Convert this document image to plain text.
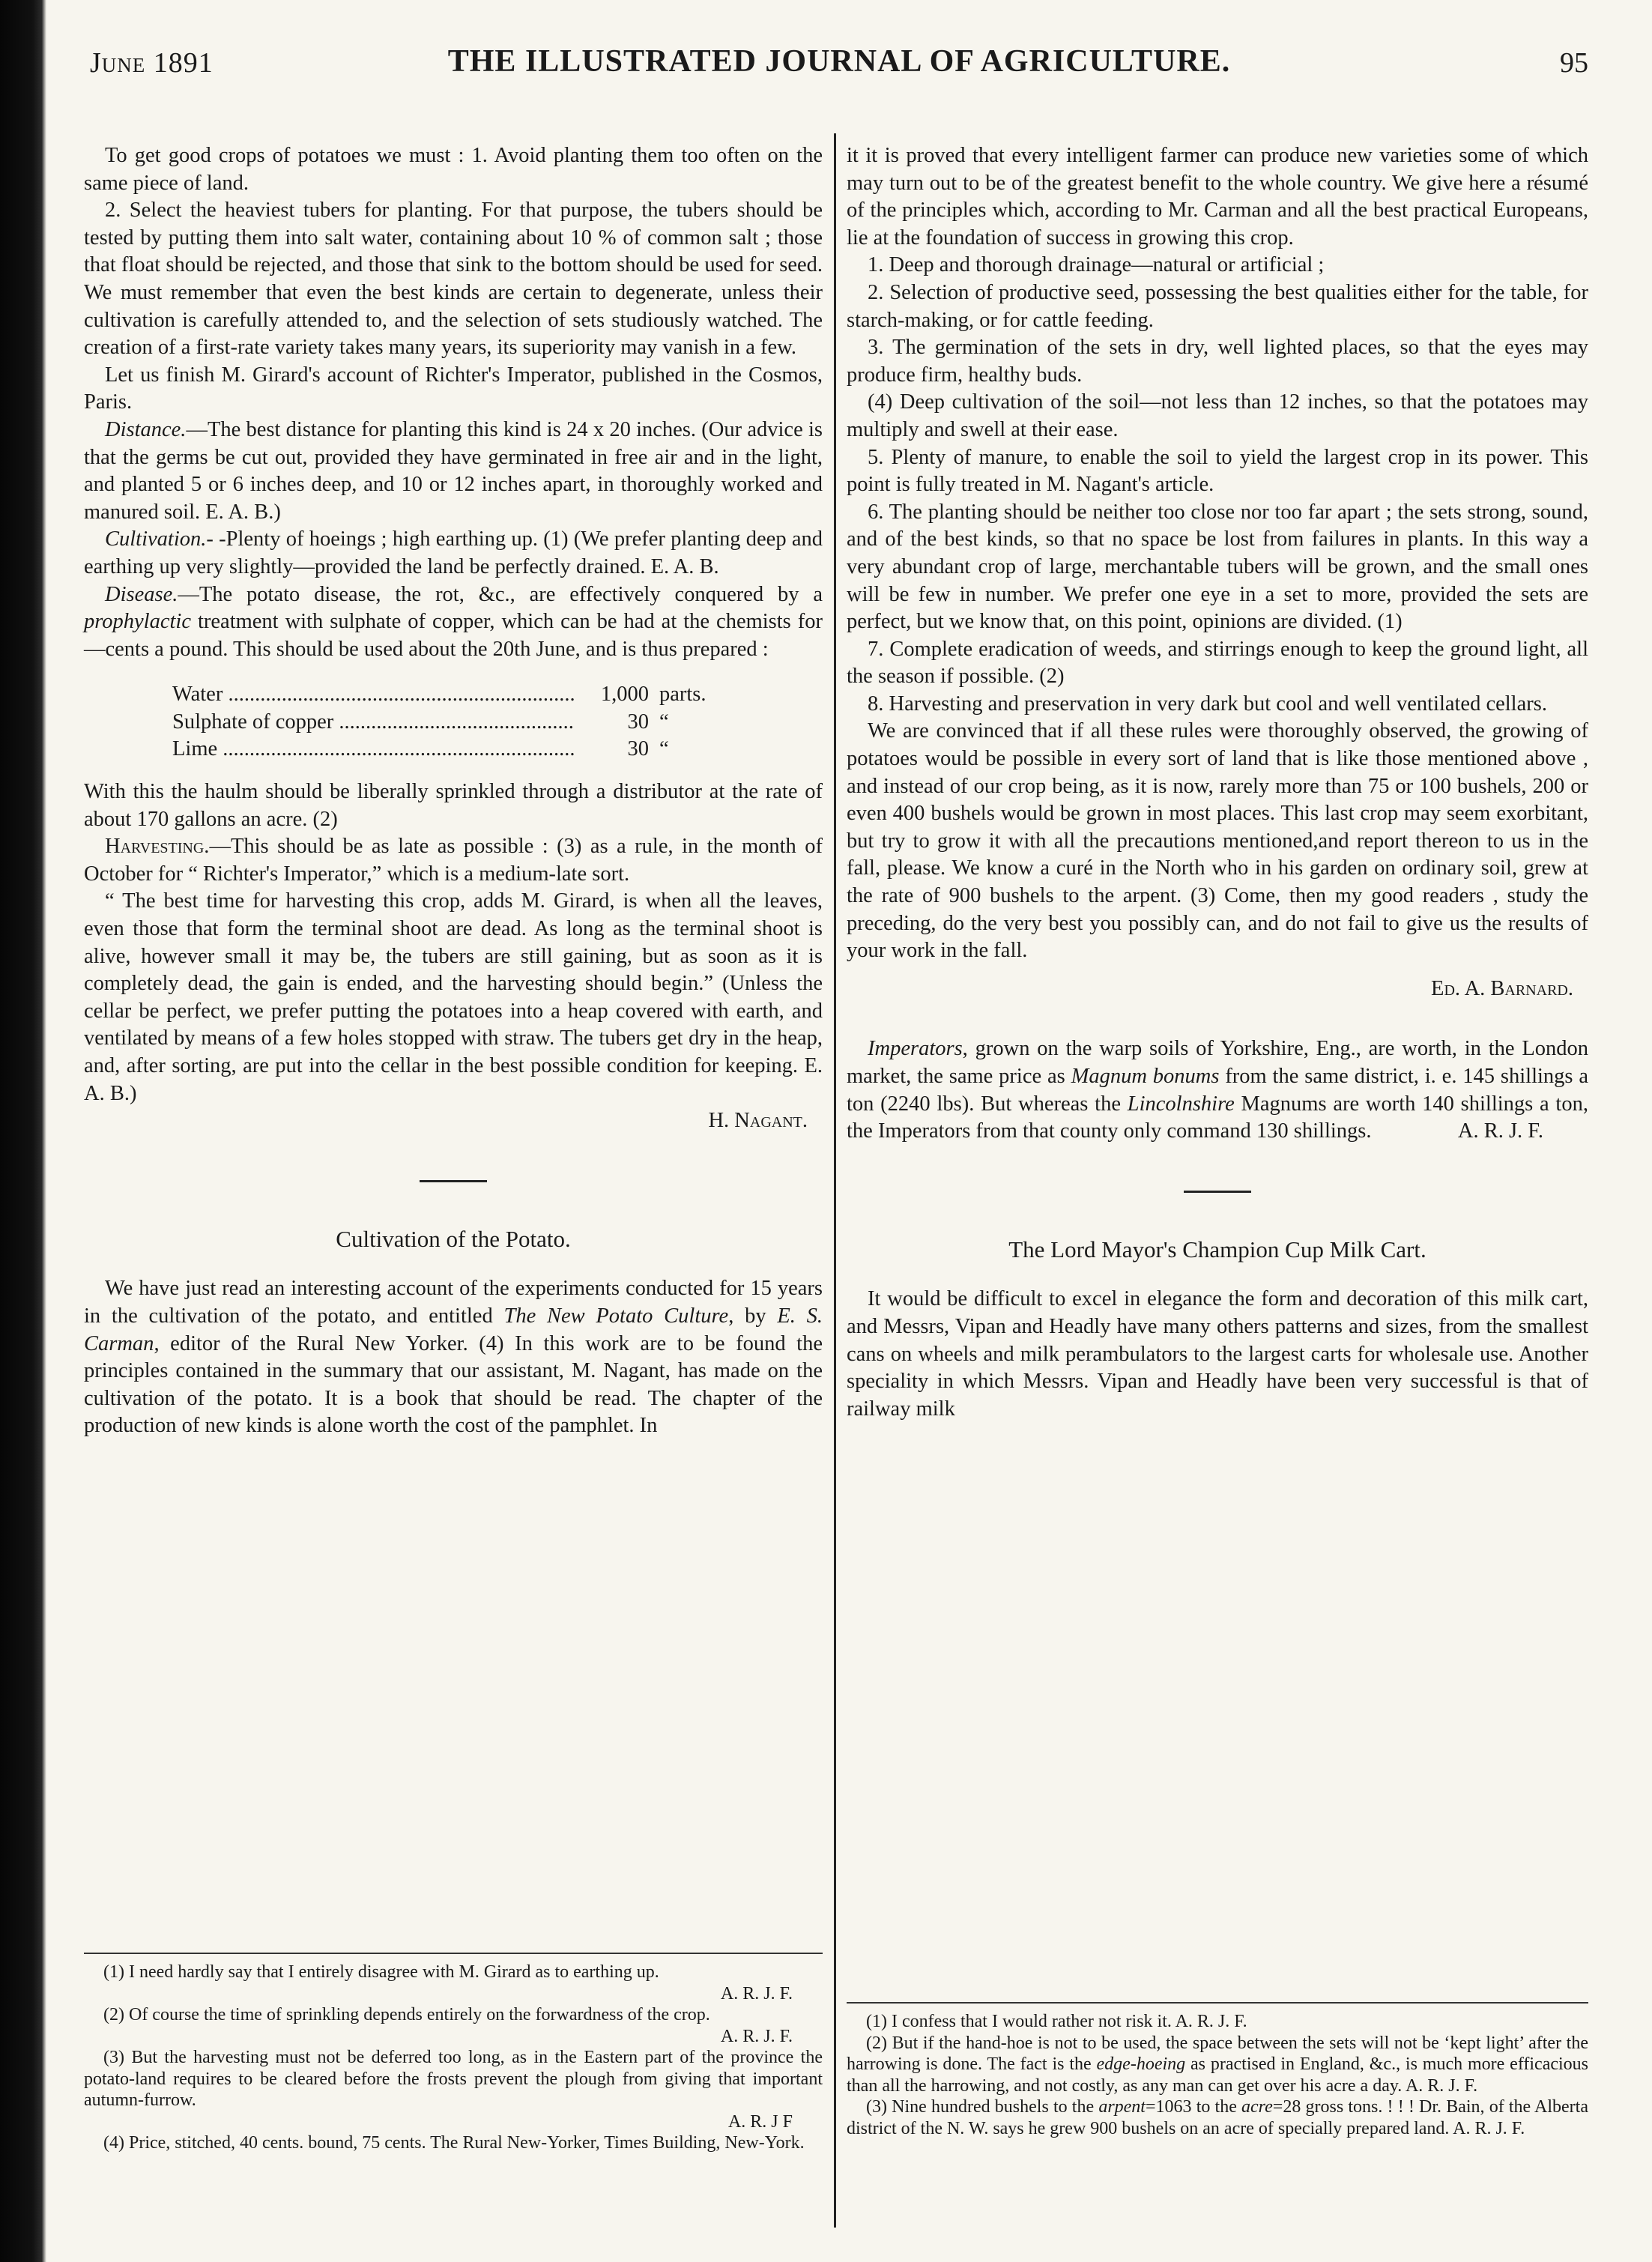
June 1891	THE ILLUSTRATED JOURNAL OF AGRICULTURE.	95

To get good crops of potatoes we must : 1. Avoid planting them too often on the same piece of land.

2. Select the heaviest tubers for planting. For that purpose, the tubers should be tested by putting them into salt water, containing about 10 % of common salt ; those that float should be rejected, and those that sink to the bottom should be used for seed. We must remember that even the best kinds are certain to degenerate, unless their cultivation is carefully attended to, and the selection of sets studiously watched. The creation of a first-rate variety takes many years, its superiority may vanish in a few.

Let us finish M. Girard's account of Richter's Imperator, published in the Cosmos, Paris.

Distance.—The best distance for planting this kind is 24 x 20 inches. (Our advice is that the germs be cut out, provided they have germinated in free air and in the light, and planted 5 or 6 inches deep, and 10 or 12 inches apart, in thoroughly worked and manured soil. E. A. B.)

Cultivation.- -Plenty of hoeings ; high earthing up. (1) (We prefer planting deep and earthing up very slightly—provided the land be perfectly drained. E. A. B.

Disease.—The potato disease, the rot, &c., are effectively conquered by a prophylactic treatment with sulphate of copper, which can be had at the chemists for—cents a pound. This should be used about the 20th June, and is thus prepared :

Water .....	1,000 parts.
Sulphate of copper .....	30 “
Lime .....	30 “

With this the haulm should be liberally sprinkled through a distributor at the rate of about 170 gallons an acre. (2)

Harvesting.—This should be as late as possible : (3) as a rule, in the month of October for “ Richter's Imperator,” which is a medium-late sort.

“ The best time for harvesting this crop, adds M. Girard, is when all the leaves, even those that form the terminal shoot are dead. As long as the terminal shoot is alive, however small it may be, the tubers are still gaining, but as soon as it is completely dead, the gain is ended, and the harvesting should begin.” (Unless the cellar be perfect, we prefer putting the potatoes into a heap covered with earth, and ventilated by means of a few holes stopped with straw. The tubers get dry in the heap, and, after sorting, are put into the cellar in the best possible condition for keeping. E. A. B.)

H. Nagant.
Cultivation of the Potato.

We have just read an interesting account of the experiments conducted for 15 years in the cultivation of the potato, and entitled The New Potato Culture, by E. S. Carman, editor of the Rural New Yorker. (4) In this work are to be found the principles contained in the summary that our assistant, M. Nagant, has made on the cultivation of the potato. It is a book that should be read. The chapter of the production of new kinds is alone worth the cost of the pamphlet. In

it it is proved that every intelligent farmer can produce new varieties some of which may turn out to be of the greatest benefit to the whole country. We give here a résumé of the principles which, according to Mr. Carman and all the best practical Europeans, lie at the foundation of success in growing this crop.

1. Deep and thorough drainage—natural or artificial ;

2. Selection of productive seed, possessing the best qualities either for the table, for starch-making, or for cattle feeding.

3. The germination of the sets in dry, well lighted places, so that the eyes may produce firm, healthy buds.

(4) Deep cultivation of the soil—not less than 12 inches, so that the potatoes may multiply and swell at their ease.

5. Plenty of manure, to enable the soil to yield the largest crop in its power. This point is fully treated in M. Nagant's article.

6. The planting should be neither too close nor too far apart ; the sets strong, sound, and of the best kinds, so that no space be lost from failures in plants. In this way a very abundant crop of large, merchantable tubers will be grown, and the small ones will be few in number. We prefer one eye in a set to more, provided the sets are perfect, but we know that, on this point, opinions are divided. (1)

7. Complete eradication of weeds, and stirrings enough to keep the ground light, all the season if possible. (2)

8. Harvesting and preservation in very dark but cool and well ventilated cellars.

We are convinced that if all these rules were thoroughly observed, the growing of potatoes would be possible in every sort of land that is like those mentioned above , and instead of our crop being, as it is now, rarely more than 75 or 100 bushels, 200 or even 400 bushels would be grown in most places. This last crop may seem exorbitant, but try to grow it with all the precautions mentioned,and report thereon to us in the fall, please. We know a curé in the North who in his garden on ordinary soil, grew at the rate of 900 bushels to the arpent. (3) Come, then my good readers , study the preceding, do the very best you possibly can, and do not fail to give us the results of your work in the fall.

Ed. A. Barnard.

Imperators, grown on the warp soils of Yorkshire, Eng., are worth, in the London market, the same price as Magnum bonums from the same district, i. e. 145 shillings a ton (2240 lbs). But whereas the Lincolnshire Magnums are worth 140 shillings a ton, the Imperators from that county only command 130 shillings.	A. R. J. F.

The Lord Mayor's Champion Cup Milk Cart.

It would be difficult to excel in elegance the form and decoration of this milk cart, and Messrs, Vipan and Headly have many others patterns and sizes, from the smallest cans on wheels and milk perambulators to the largest carts for wholesale use. Another speciality in which Messrs. Vipan and Headly have been very successful is that of railway milk

(1) I need hardly say that I entirely disagree with M. Girard as to earthing up.
A. R. J. F.

(2) Of course the time of sprinkling depends entirely on the forwardness of the crop.
A. R. J. F.

(3) But the harvesting must not be deferred too long, as in the Eastern part of the province the potato-land requires to be cleared before the frosts prevent the plough from giving that important autumn-furrow.
A. R. J F

(4) Price, stitched, 40 cents. bound, 75 cents. The Rural New-Yorker, Times Building, New-York.

(1) I confess that I would rather not risk it. A. R. J. F.

(2) But if the hand-hoe is not to be used, the space between the sets will not be ‘kept light’ after the harrowing is done. The fact is the edge-hoeing as practised in England, &c., is much more efficacious than all the harrowing, and not costly, as any man can get over his acre a day. A. R. J. F.

(3) Nine hundred bushels to the arpent=1063 to the acre=28 gross tons. ! ! ! Dr. Bain, of the Alberta district of the N. W. says he grew 900 bushels on an acre of specially prepared land. A. R. J. F.
